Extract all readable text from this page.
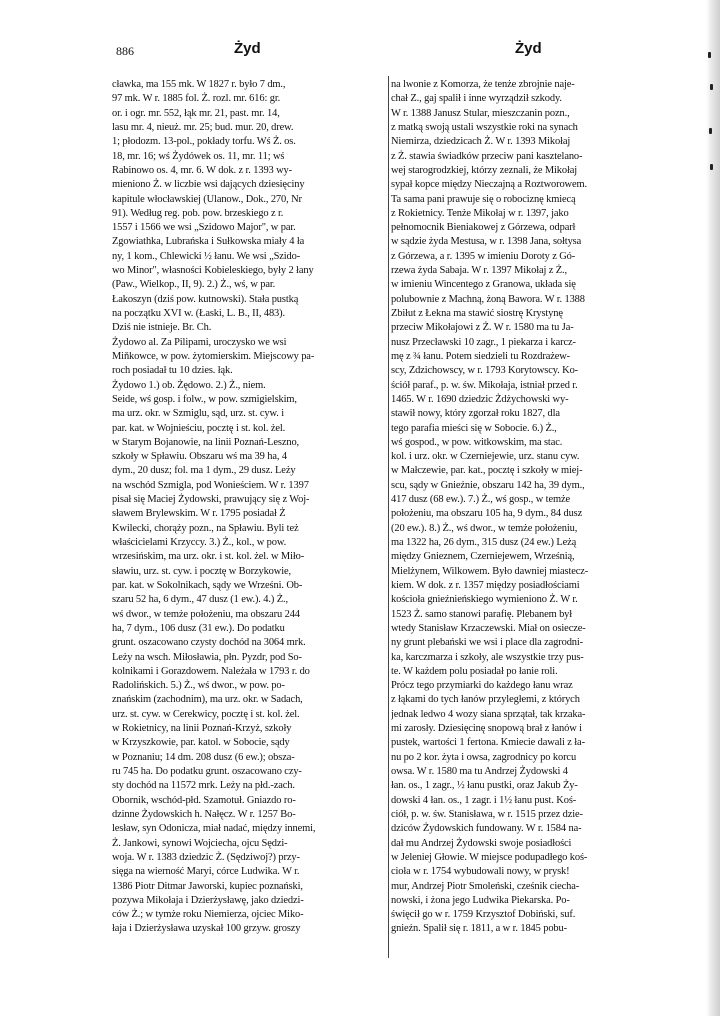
886	Żyd	Żyd
cławka, ma 155 mk. W 1827 r. było 7 dm.,
97 mk. W r. 1885 fol. Ż. rozl. mr. 616: gr.
or. i ogr. mr. 552, łąk mr. 21, past. mr. 14,
lasu mr. 4, nieuż. mr. 25; bud. mur. 20, drew.
1; płodozm. 13-pol., pokłady torfu. Wś Ż. os.
18, mr. 16; wś Żydówek os. 11, mr. 11; wś
Rabinowo os. 4, mr. 6. W dok. z r. 1393 wy-
mieniono Ż. w liczbie wsi dających dziesięciny
kapitule włocławskiej (Ulanow., Dok., 270, Nr
91). Według reg. pob. pow. brzeskiego z r.
1557 i 1566 we wsi „Szidowo Major", w par.
Zgowiathka, Lubrańska i Sułkowska miały 4 ła
ny, 1 kom., Chlewicki ½ łanu. We wsi „Szido-
wo Minor", własności Kobieleskiego, były 2 łany
(Paw., Wielkop., II, 9). 2.) Ż., wś, w par.
Łakoszyn (dziś pow. kutnowski). Stała pustką
na początku XVI w. (Łaski, L. B., II, 483).
Dziś nie istnieje. Br. Ch.
Żydowo al. Za Pilipami, uroczysko we wsi
Miňkowce, w pow. żytomierskim. Miejscowy pa-
roch posiadał tu 10 dzies. łąk.
Żydowo 1.) ob. Żędowo. 2.) Ż., niem.
Seide, wś gosp. i folw., w pow. szmigielskim,
ma urz. okr. w Szmiglu, sąd, urz. st. cyw. i
par. kat. w Wojnieściu, pocztę i st. kol. żel.
w Starym Bojanowie, na linii Poznań-Leszno,
szkoły w Spławiu. Obszaru wś ma 39 ha, 4
dym., 20 dusz; fol. ma 1 dym., 29 dusz. Leży
na wschód Szmigla, pod Wonieściem. W r. 1397
pisał się Maciej Żydowski, prawujący się z Woj-
sławem Brylewskim. W r. 1795 posiadał Ż
Kwilecki, chorąży pozn., na Spławiu. Byli też
właścicielami Krzyccy. 3.) Ż., kol., w pow.
wrzesińskim, ma urz. okr. i st. kol. żel. w Miło-
sławiu, urz. st. cyw. i pocztę w Borzykowie,
par. kat. w Sokolnikach, sądy we Wrześni. Ob-
szaru 52 ha, 6 dym., 47 dusz (1 ew.). 4.) Ż.,
wś dwor., w temże położeniu, ma obszaru 244
ha, 7 dym., 106 dusz (31 ew.). Do podatku
grunt. oszacowano czysty dochód na 3064 mrk.
Leży na wsch. Miłosławia, płn. Pyzdr, pod So-
kolnikami i Gorazdowem. Należała w 1793 r. do
Radolińskich. 5.) Ż., wś dwor., w pow. po-
znańskim (zachodnim), ma urz. okr. w Sadach,
urz. st. cyw. w Cerekwicy, pocztę i st. kol. żel.
w Rokietnicy, na linii Poznań-Krzyż, szkoły
w Krzyszkowie, par. katol. w Sobocie, sądy
w Poznaniu; 14 dm. 208 dusz (6 ew.); obsza-
ru 745 ha. Do podatku grunt. oszacowano czy-
sty dochód na 11572 mrk. Leży na płd.-zach.
Obornik, wschód-płd. Szamotuł. Gniazdo ro-
dzinne Żydowskich h. Nałęcz. W r. 1257 Bo-
lesław, syn Odonicza, miał nadać, między innemi,
Ż. Jankowi, synowi Wojciecha, ojcu Sędzi-
woja. W r. 1383 dziedzic Ż. (Sędziwoj?) przy-
sięga na wierność Maryi, córce Ludwika. W r.
1386 Piotr Ditmar Jaworski, kupiec poznański,
pozywa Mikołaja i Dzierżysławę, jako dziedzi-
ców Ż.; w tymże roku Niemierza, ojciec Miko-
łaja i Dzierżysława uzyskał 100 grzyw. groszy
na lwonie z Komorza, że tenże zbrojnie naje-
chał Z., gaj spalił i inne wyrządził szkody.
W r. 1388 Janusz Stular, mieszczanin pozn.,
z matką swoją ustali wszystkie roki na synach
Niemirza, dziedzicach Ż. W r. 1393 Mikołaj
z Ż. stawia świadków przeciw pani kasztelano-
wej starogrodzkiej, którzy zeznali, że Mikołaj
sypał kopce między Nieczajną a Roztworowem.
Ta sama pani prawuje się o robociznę kmiecą
z Rokietnicy. Tenże Mikołaj w r. 1397, jako
pełnomocnik Bieniakowej z Górzewa, odparł
w sądzie żyda Mestusa, w r. 1398 Jana, sołtysa
z Górzewa, a r. 1395 w imieniu Doroty z Gó-
rzewa żyda Sabaja. W r. 1397 Mikołaj z Ż.,
w imieniu Wincentego z Granowa, układa się
polubownie z Machną, żoną Bawora. W r. 1388
Zbiłut z Łekna ma stawić siostrę Krystynę
przeciw Mikołajowi z Ż. W r. 1580 ma tu Ja-
nusz Przecławski 10 zagr., 1 piekarza i karcz-
mę z ¾ łanu. Potem siedzieli tu Rozdrażew-
scy, Zdzichowscy, w r. 1793 Korytowscy. Ko-
ściół paraf., p. w. św. Mikołaja, istniał przed r.
1465. W r. 1690 dziedzic Żdżychowski wy-
stawił nowy, który zgorzał roku 1827, dla
tego parafia mieści się w Sobocie. 6.) Ż.,
wś gospod., w pow. witkowskim, ma stac.
kol. i urz. okr. w Czerniejewie, urz. stanu cyw.
w Małczewie, par. kat., pocztę i szkoły w miej-
scu, sądy w Gnieźnie, obszaru 142 ha, 39 dym.,
417 dusz (68 ew.). 7.) Ż., wś gosp., w temże
położeniu, ma obszaru 105 ha, 9 dym., 84 dusz
(20 ew.). 8.) Ż., wś dwor., w temże położeniu,
ma 1322 ha, 26 dym., 315 dusz (24 ew.) Leżą
między Gnieznem, Czerniejewem, Wrześnią,
Mielżynem, Wilkowem. Było dawniej miastecz-
kiem. W dok. z r. 1357 między posiadłościami
kościoła gnieźnieńskiego wymieniono Ż. W r.
1523 Ż. samo stanowi parafię. Plebanem był
wtedy Stanisław Krzaczewski. Miał on osiecze-
ny grunt plebański we wsi i place dla zagrodni-
ka, karczmarza i szkoły, ale wszystkie trzy pus-
te. W każdem polu posiadał po łanie roli.
Prócz tego przymiarki do każdego łanu wraz
z łąkami do tych łanów przyległemi, z których
jednak ledwo 4 wozy siana sprzątał, tak krzaka-
mi zarosły. Dziesięcinę snopową brał z łanów i
pustek, wartości 1 fertona. Kmiecie dawali z ła-
nu po 2 kor. żyta i owsa, zagrodnicy po korcu
owsa. W r. 1580 ma tu Andrzej Żydowski 4
łan. os., 1 zagr., ½ łanu pustki, oraz Jakub Ży-
dowski 4 łan. os., 1 zagr. i 1½ łanu pust. Koś-
ciół, p. w. św. Stanisława, w r. 1515 przez dzie-
dziców Żydowskich fundowany. W r. 1584 na-
dał mu Andrzej Żydowski swoje posiadłości
w Jeleniej Głowie. W miejsce podupadłego koś-
cioła w r. 1754 wybudowali nowy, w prysk!
mur, Andrzej Piotr Smoleński, cześnik ciecha-
nowski, i żona jego Ludwika Piekarska. Po-
święcił go w r. 1759 Krzysztof Dobiński, suf.
gnieźn. Spalił się r. 1811, a w r. 1845 pobu-
